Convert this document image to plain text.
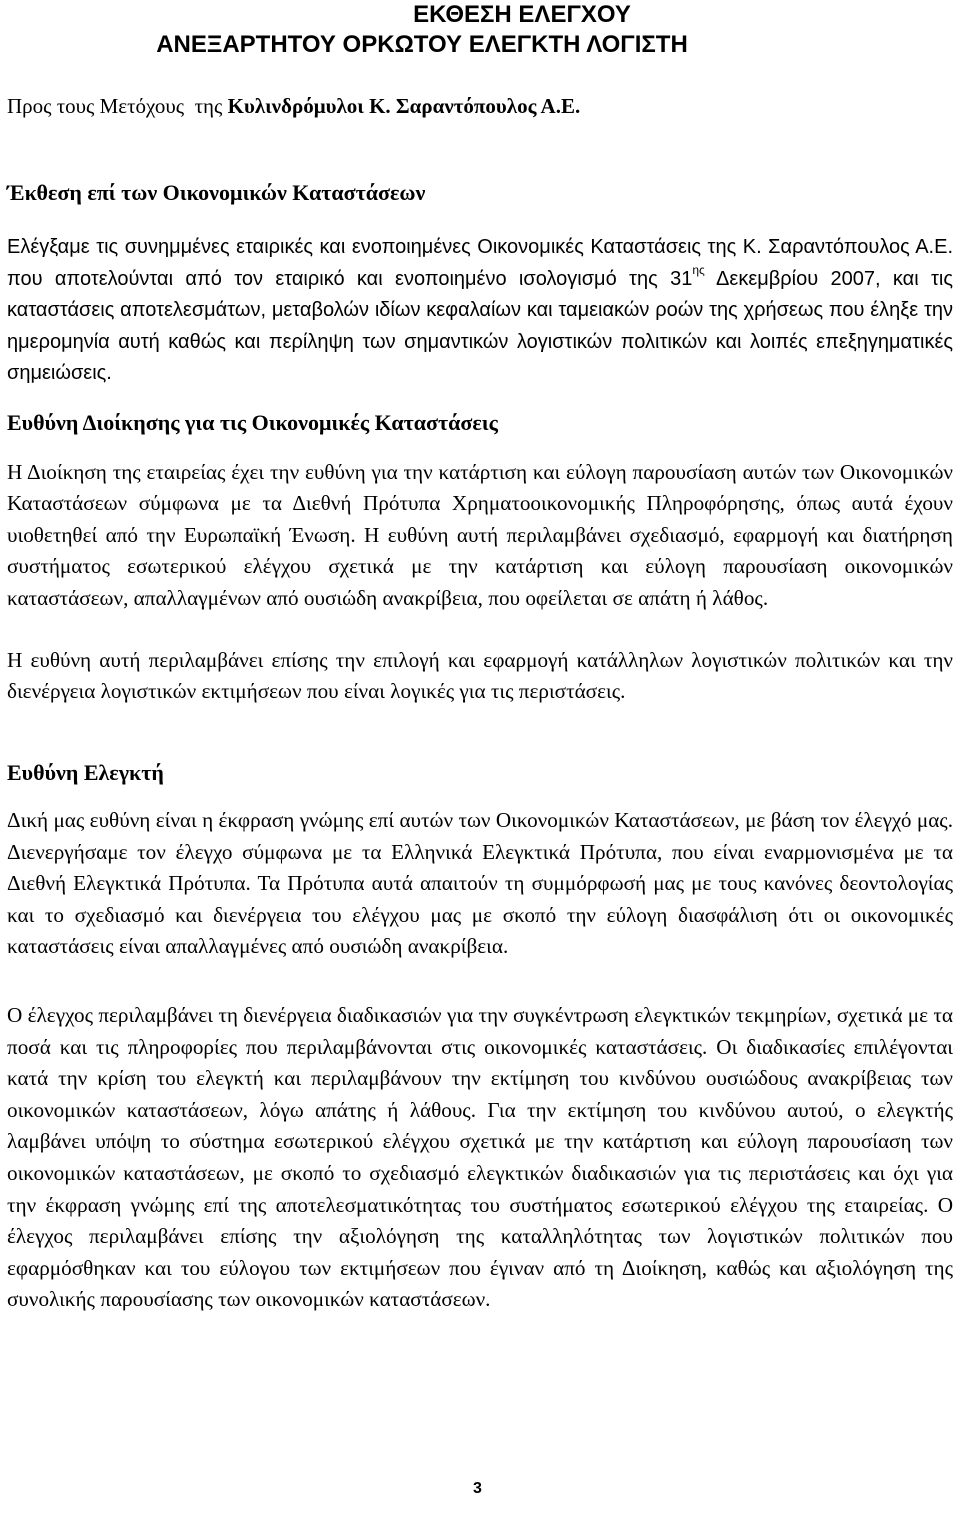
ΕΚΘΕΣΗ ΕΛΕΓΧΟΥ
ΑΝΕΞΑΡΤΗΤΟΥ ΟΡΚΩΤΟΥ ΕΛΕΓΚΤΗ ΛΟΓΙΣΤΗ
Προς τους Μετόχους  της Κυλινδρόμυλοι Κ. Σαραντόπουλος Α.Ε.
Έκθεση επί των Οικονομικών Καταστάσεων
Ελέγξαμε τις συνημμένες εταιρικές και ενοποιημένες Οικονομικές Καταστάσεις της Κ. Σαραντόπουλος Α.Ε. που αποτελούνται από τον εταιρικό και ενοποιημένο ισολογισμό της $31^{\eta\varsigma}$ Δεκεμβρίου 2007, και τις καταστάσεις αποτελεσμάτων, μεταβολών ιδίων κεφαλαίων και ταμειακών ροών της χρήσεως που έληξε την ημερομηνία αυτή καθώς και περίληψη των σημαντικών λογιστικών πολιτικών και λοιπές επεξηγηματικές σημειώσεις.
Ευθύνη Διοίκησης για τις Οικονομικές Καταστάσεις
Η Διοίκηση της εταιρείας έχει την ευθύνη για την κατάρτιση και εύλογη παρουσίαση αυτών των Οικονομικών Καταστάσεων σύμφωνα με τα Διεθνή Πρότυπα Χρηματοοικονομικής Πληροφόρησης, όπως αυτά έχουν υιοθετηθεί από την Ευρωπαϊκή Ένωση. Η ευθύνη αυτή περιλαμβάνει σχεδιασμό, εφαρμογή και διατήρηση συστήματος εσωτερικού ελέγχου σχετικά με την κατάρτιση και εύλογη παρουσίαση οικονομικών καταστάσεων, απαλλαγμένων από ουσιώδη ανακρίβεια, που οφείλεται σε απάτη ή λάθος.
Η ευθύνη αυτή περιλαμβάνει επίσης την επιλογή και εφαρμογή κατάλληλων λογιστικών πολιτικών και την διενέργεια λογιστικών εκτιμήσεων που είναι λογικές για τις περιστάσεις.
Ευθύνη Ελεγκτή
Δική μας ευθύνη είναι η έκφραση γνώμης επί αυτών των Οικονομικών Καταστάσεων, με βάση τον έλεγχό μας. Διενεργήσαμε τον έλεγχο σύμφωνα με τα Ελληνικά Ελεγκτικά Πρότυπα, που είναι εναρμονισμένα με τα Διεθνή Ελεγκτικά Πρότυπα. Τα Πρότυπα αυτά απαιτούν τη συμμόρφωσή μας με τους κανόνες δεοντολογίας και το σχεδιασμό και διενέργεια του ελέγχου μας με σκοπό την εύλογη διασφάλιση ότι οι οικονομικές καταστάσεις είναι απαλλαγμένες από ουσιώδη ανακρίβεια.
Ο έλεγχος περιλαμβάνει τη διενέργεια διαδικασιών για την συγκέντρωση ελεγκτικών τεκμηρίων, σχετικά με τα ποσά και τις πληροφορίες που περιλαμβάνονται στις οικονομικές καταστάσεις. Οι διαδικασίες επιλέγονται κατά την κρίση του ελεγκτή και περιλαμβάνουν την εκτίμηση του κινδύνου ουσιώδους ανακρίβειας των οικονομικών καταστάσεων, λόγω απάτης ή λάθους. Για την εκτίμηση του κινδύνου αυτού, ο ελεγκτής λαμβάνει υπόψη το σύστημα εσωτερικού ελέγχου σχετικά με την κατάρτιση και εύλογη παρουσίαση των οικονομικών καταστάσεων, με σκοπό το σχεδιασμό ελεγκτικών διαδικασιών για τις περιστάσεις και όχι για την έκφραση γνώμης επί της αποτελεσματικότητας του συστήματος εσωτερικού ελέγχου της εταιρείας. Ο έλεγχος περιλαμβάνει επίσης την αξιολόγηση της καταλληλότητας των λογιστικών πολιτικών που εφαρμόσθηκαν και του εύλογου των εκτιμήσεων που έγιναν από τη Διοίκηση, καθώς και αξιολόγηση της συνολικής παρουσίασης των οικονομικών καταστάσεων.
3
